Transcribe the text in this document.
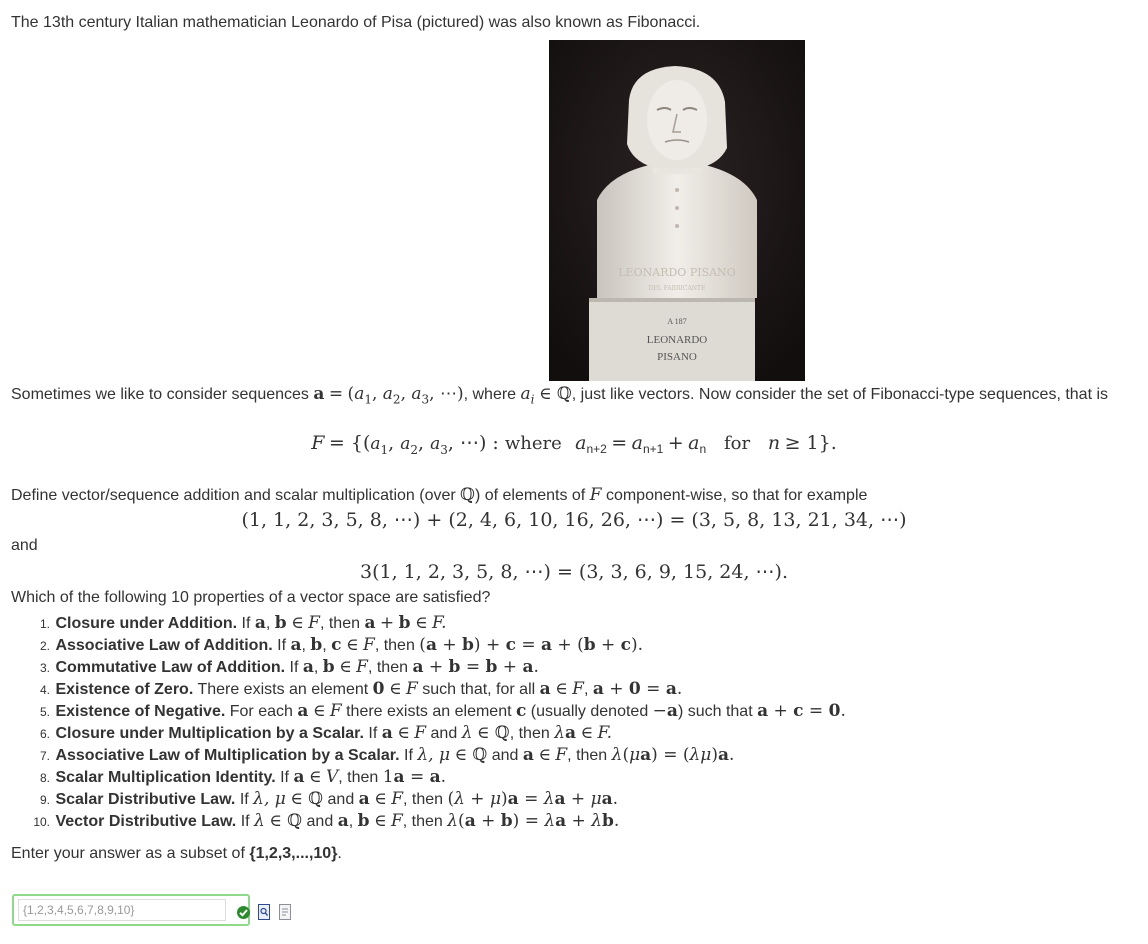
The 13th century Italian mathematician Leonardo of Pisa (pictured) was also known as Fibonacci.
LEONARDO PISANO
DEL FABRICANTE
A 187
LEONARDO
PISANO
Sometimes we like to consider sequences $a = (a_1$, $a_2$, $a_3$, ⋯), where $a_i$ ∈ ℚ, just like vectors. Now consider the set of Fibonacci-type sequences, that is
$F = \{(a_1$, $a_2$, $a_3$, ⋯) : where $a_{n+2} = a_{n+1} + a_n$ for n ≥ 1}.
Define vector/sequence addition and scalar multiplication (over ℚ) of elements of F component-wise, so that for example
(1, 1, 2, 3, 5, 8, ⋯) + (2, 4, 6, 10, 16, 26, ⋯) = (3, 5, 8, 13, 21, 34, ⋯)
and
3(1, 1, 2, 3, 5, 8, ⋯) = (3, 3, 6, 9, 15, 24, ⋯).
Which of the following 10 properties of a vector space are satisfied?
1. Closure under Addition. If a, b ∈ F, then a + b ∈ F.
2. Associative Law of Addition. If a, b, c ∈ F, then (a + b) + c = a + (b + c).
3. Commutative Law of Addition. If a, b ∈ F, then a + b = b + a.
4. Existence of Zero. There exists an element 0 ∈ F such that, for all a ∈ F, a + 0 = a.
5. Existence of Negative. For each a ∈ F there exists an element c (usually denoted −a) such that a + c = 0.
6. Closure under Multiplication by a Scalar. If a ∈ F and λ ∈ ℚ, then λa ∈ F.
7. Associative Law of Multiplication by a Scalar. If λ, μ ∈ ℚ and a ∈ F, then λ(μa) = (λμ)a.
8. Scalar Multiplication Identity. If a ∈ V, then 1a = a.
9. Scalar Distributive Law. If λ, μ ∈ ℚ and a ∈ F, then (λ + μ)a = λa + μa.
10. Vector Distributive Law. If λ ∈ ℚ and a, b ∈ F, then λ(a + b) = λa + λb.
Enter your answer as a subset of {1,2,3,...,10}.
{1,2,3,4,5,6,7,8,9,10}
